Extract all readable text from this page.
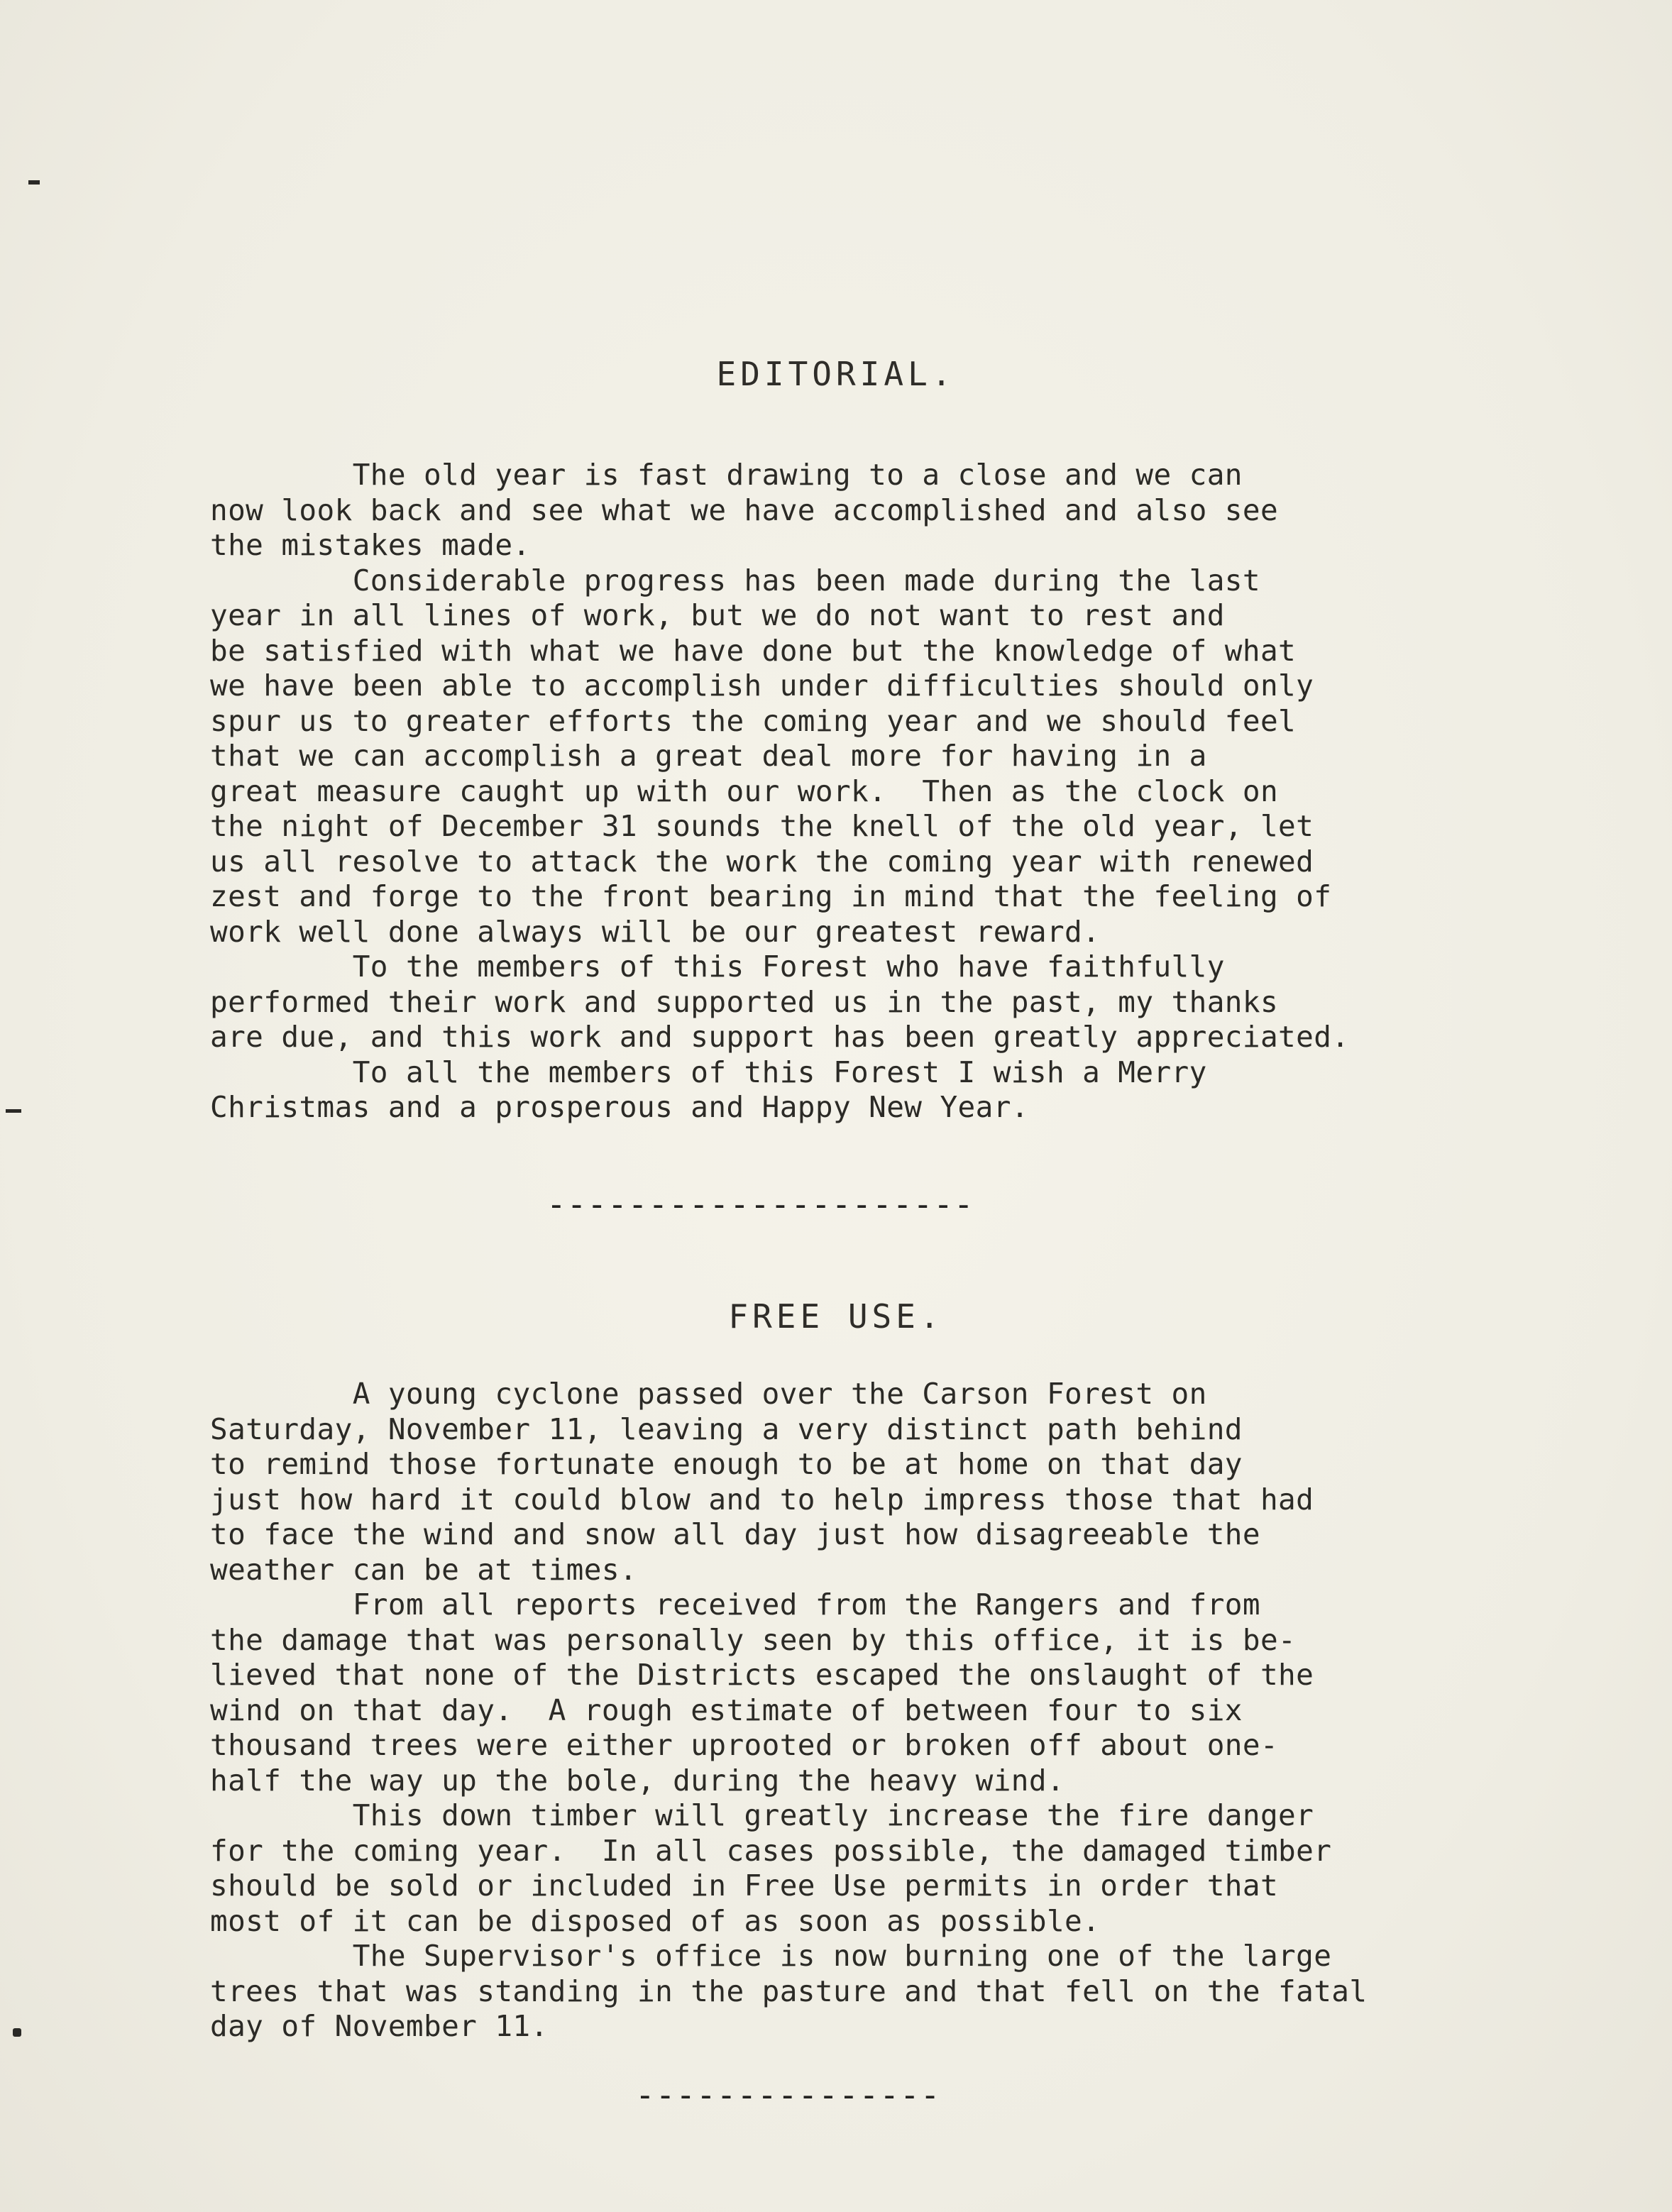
EDITORIAL.

The old year is fast drawing to a close and we can
now look back and see what we have accomplished and also see
the mistakes made.

Considerable progress has been made during the last
year in all lines of work, but we do not want to rest and
be satisfied with what we have done but the knowledge of what
we have been able to accomplish under difficulties should only
spur us to greater efforts the coming year and we should feel
that we can accomplish a great deal more for having in a
great measure caught up with our work.  Then as the clock on
the night of December 31 sounds the knell of the old year, let
us all resolve to attack the work the coming year with renewed
zest and forge to the front bearing in mind that the feeling of
work well done always will be our greatest reward.

To the members of this Forest who have faithfully
performed their work and supported us in the past, my thanks
are due, and this work and support has been greatly appreciated.

To all the members of this Forest I wish a Merry
Christmas and a prosperous and Happy New Year.

---------------------
FREE USE.

A young cyclone passed over the Carson Forest on
Saturday, November 11, leaving a very distinct path behind
to remind those fortunate enough to be at home on that day
just how hard it could blow and to help impress those that had
to face the wind and snow all day just how disagreeable the
weather can be at times.

From all reports received from the Rangers and from
the damage that was personally seen by this office, it is be-
lieved that none of the Districts escaped the onslaught of the
wind on that day.  A rough estimate of between four to six
thousand trees were either uprooted or broken off about one-
half the way up the bole, during the heavy wind.

This down timber will greatly increase the fire danger
for the coming year.  In all cases possible, the damaged timber
should be sold or included in Free Use permits in order that
most of it can be disposed of as soon as possible.

The Supervisor's office is now burning one of the large
trees that was standing in the pasture and that fell on the fatal
day of November 11.

---------------
